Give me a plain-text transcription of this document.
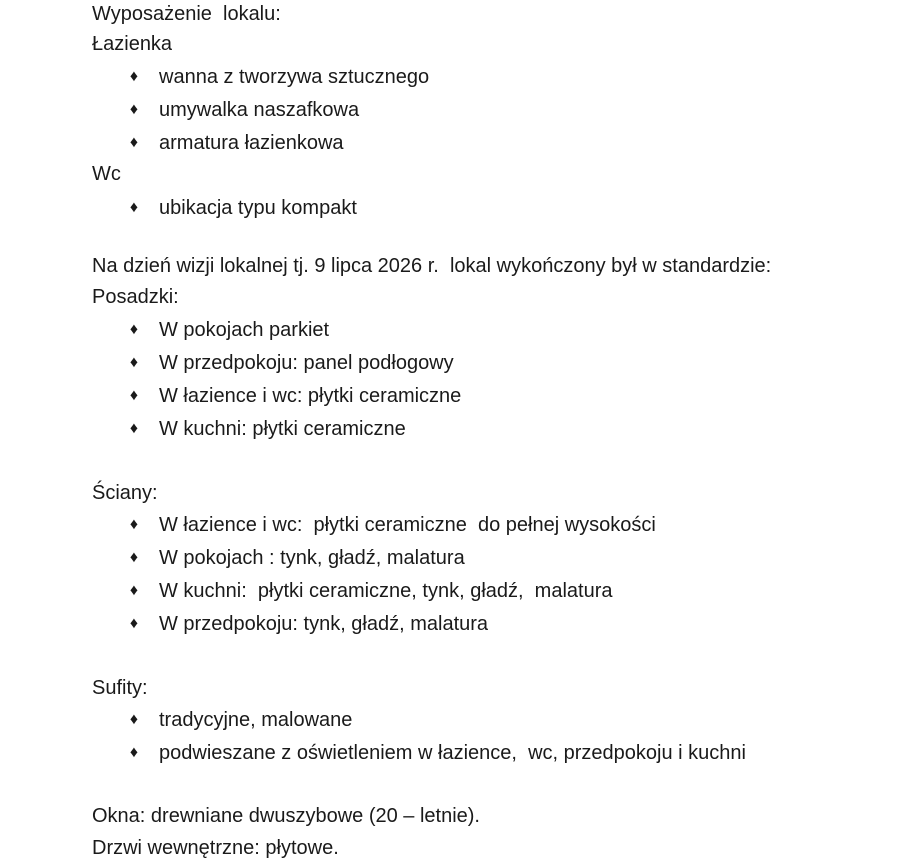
Wyposażenie  lokalu:
Łazienka

♦

wanna z tworzywa sztucznego

♦

umywalka naszafkowa

♦

armatura łazienkowa

Wc

♦

ubikacja typu kompakt

Na dzień wizji lokalnej tj. 9 lipca 2026 r.  lokal wykończony był w standardzie:
Posadzki:

♦

W pokojach parkiet

♦

W przedpokoju: panel podłogowy

♦

W łazience i wc: płytki ceramiczne

♦

W kuchni: płytki ceramiczne

Ściany:

♦

W łazience i wc:  płytki ceramiczne  do pełnej wysokości

♦

W pokojach : tynk, gładź, malatura

♦

W kuchni:  płytki ceramiczne, tynk, gładź,  malatura

♦

W przedpokoju: tynk, gładź, malatura

Sufity:

♦

tradycyjne, malowane

♦

podwieszane z oświetleniem w łazience,  wc, przedpokoju i kuchni

Okna: drewniane dwuszybowe (20 – letnie).
Drzwi wewnętrzne: płytowe.
